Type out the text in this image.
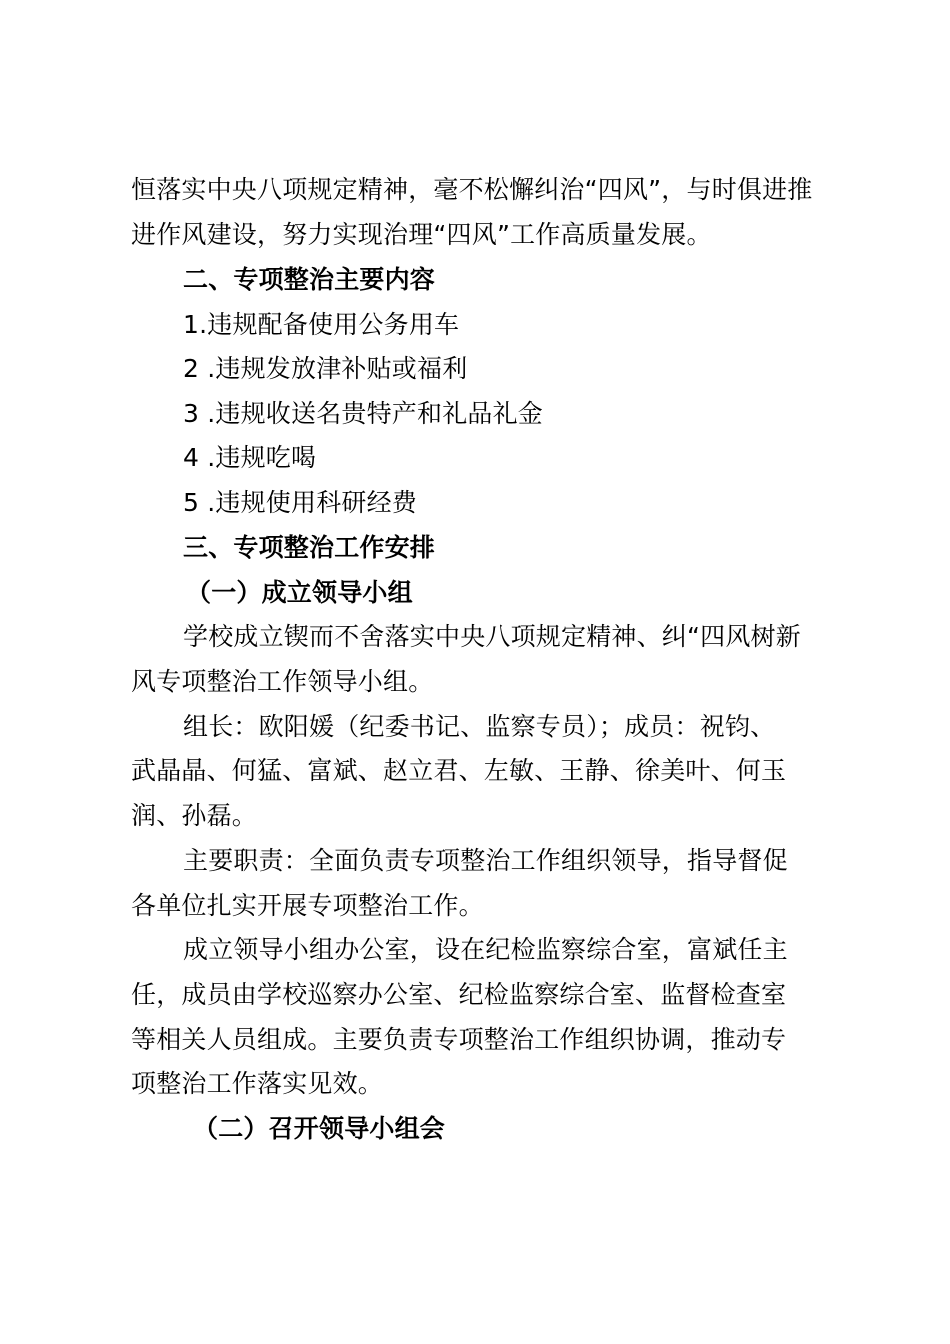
恒落实中央八项规定精神，毫不松懈纠治“四风”，与时俱进推
进作风建设，努力实现治理“四风”工作高质量发展。
二、专项整治主要内容
1.违规配备使用公务用车
2 .违规发放津补贴或福利
3 .违规收送名贵特产和礼品礼金
4 .违规吃喝
5 .违规使用科研经费
三、专项整治工作安排
（一）成立领导小组
学校成立锲而不舍落实中央八项规定精神、纠“四风树新
风专项整治工作领导小组。
组长：欧阳媛（纪委书记、监察专员）；成员：祝钧、
武晶晶、何猛、富斌、赵立君、左敏、王静、徐美叶、何玉
润、孙磊。
主要职责：全面负责专项整治工作组织领导，指导督促
各单位扎实开展专项整治工作。
成立领导小组办公室，设在纪检监察综合室，富斌任主
任，成员由学校巡察办公室、纪检监察综合室、监督检查室
等相关人员组成。主要负责专项整治工作组织协调，推动专
项整治工作落实见效。
（二）召开领导小组会
